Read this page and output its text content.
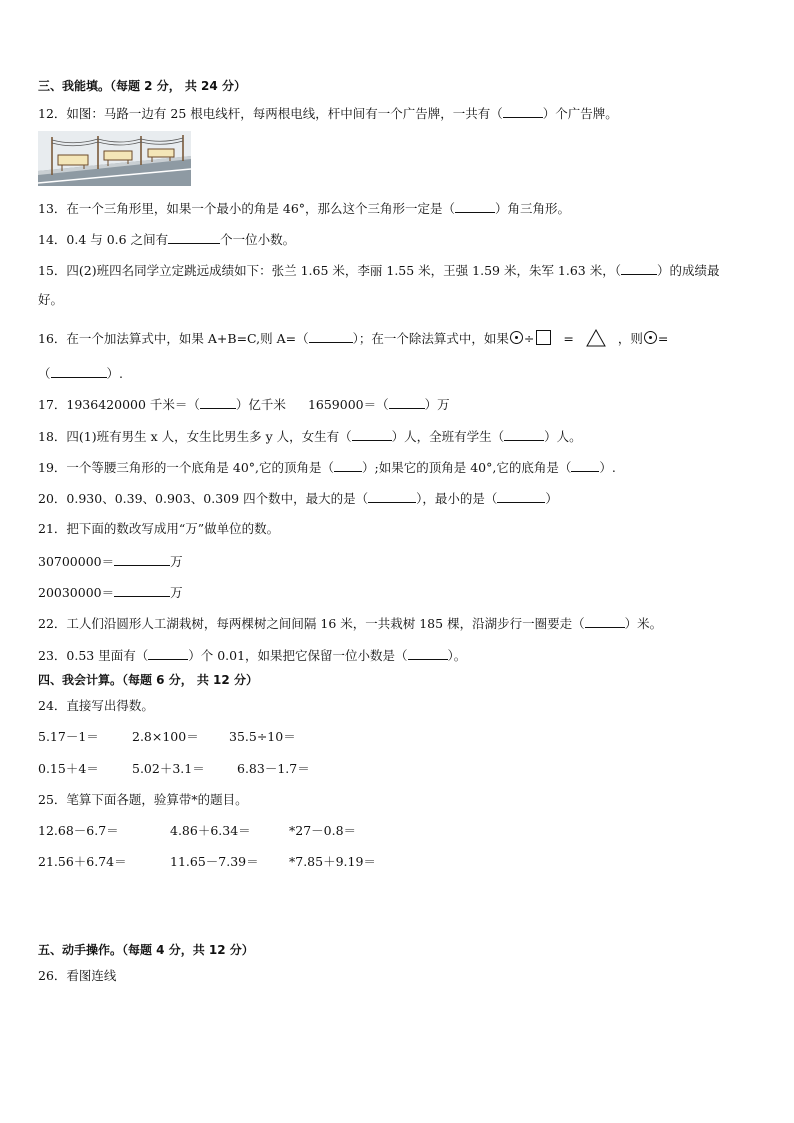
三、我能填。（每题 2 分， 共 24 分）
12．如图：马路一边有 25 根电线杆，每两根电线，杆中间有一个广告牌，一共有（	）个广告牌。
13．在一个三角形里，如果一个最小的角是 46°，那么这个三角形一定是（	）角三角形。
14．0.4 与 0.6 之间有	个一位小数。
15．四(2)班四名同学立定跳远成绩如下：张兰 1.65 米，李丽 1.55 米，王强 1.59 米，朱军 1.63 米，（	）的成绩最
好。
16．在一个加法算式中，如果 A+B=C,则 A=（	）；在一个除法算式中，如果 ÷ =	，则 =
（	）.
17．1936420000 千米＝（	）亿千米 1659000＝（	）万
18．四(1)班有男生 x 人，女生比男生多 y 人，女生有（	）人，全班有学生（	）人。
19．一个等腰三角形的一个底角是 40°,它的顶角是（ ）;如果它的顶角是 40°,它的底角是（ ）.
20．0.930、0.39、0.903、0.309 四个数中，最大的是（	），最小的是（	）
21．把下面的数改写成用“万”做单位的数。
30700000＝	万
20030000＝	万
22．工人们沿圆形人工湖栽树，每两棵树之间间隔 16 米，一共栽树 185 棵，沿湖步行一圈要走（	）米。
23．0.53 里面有（	）个 0.01，如果把它保留一位小数是（	）。
四、我会计算。（每题 6 分， 共 12 分）
24．直接写出得数。
5.17－1＝	2.8×100＝ 35.5÷10＝
0.15＋4＝	5.02＋3.1＝	6.83－1.7＝
25．笔算下面各题，验算带*的题目。
12.68－6.7＝	4.86＋6.34＝	*27－0.8＝
21.56＋6.74＝	11.65－7.39＝ *7.85＋9.19＝
五、动手操作。（每题 4 分，共 12 分）
26．看图连线
